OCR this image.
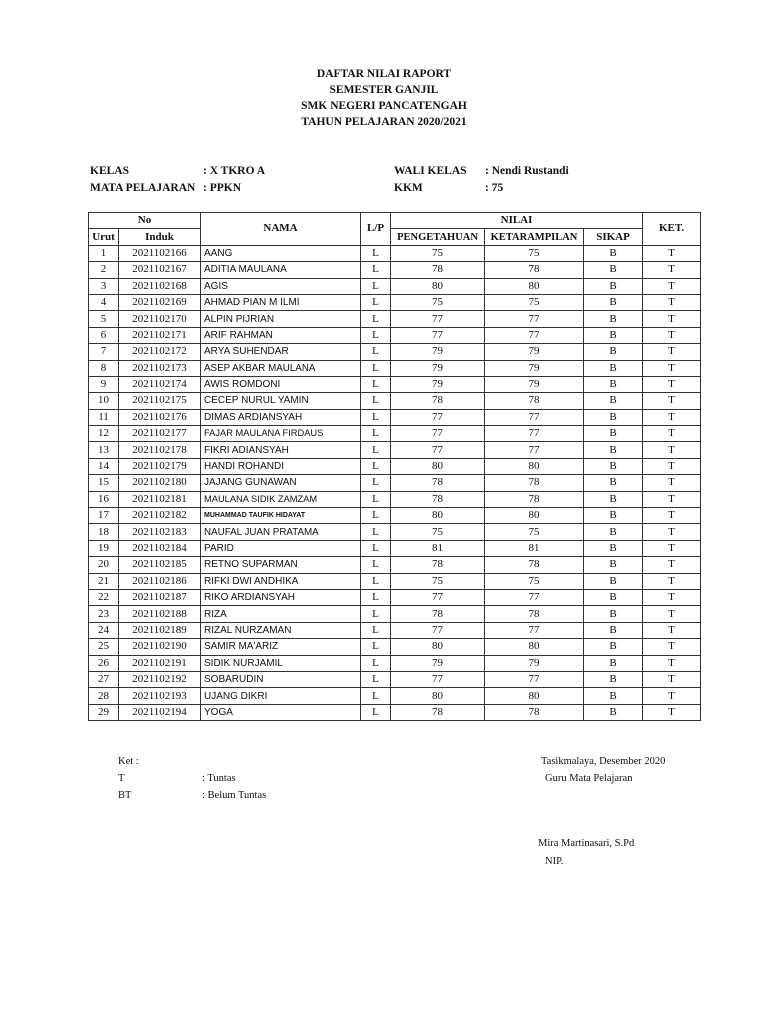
DAFTAR NILAI RAPORT
SEMESTER GANJIL
SMK NEGERI PANCATENGAH
TAHUN PELAJARAN 2020/2021
KELAS	: X TKRO A
MATA PELAJARAN : PPKN
WALI KELAS : Nendi Rustandi
KKM	: 75
No		NAMA	L/P	NILAI			KET.
Urut	Induk			PENGETAHUAN	KETARAMPILAN	SIKAP	
1	2021102166	AANG	L	75	75	B	T
2	2021102167	ADITIA MAULANA	L	78	78	B	T
3	2021102168	AGIS	L	80	80	B	T
4	2021102169	AHMAD PIAN M ILMI	L	75	75	B	T
5	2021102170	ALPIN PIJRIAN	L	77	77	B	T
6	2021102171	ARIF RAHMAN	L	77	77	B	T
7	2021102172	ARYA SUHENDAR	L	79	79	B	T
8	2021102173	ASEP AKBAR MAULANA	L	79	79	B	T
9	2021102174	AWIS ROMDONI	L	79	79	B	T
10	2021102175	CECEP NURUL YAMIN	L	78	78	B	T
11	2021102176	DIMAS ARDIANSYAH	L	77	77	B	T
12	2021102177	FAJAR MAULANA FIRDAUS	L	77	77	B	T
13	2021102178	FIKRI ADIANSYAH	L	77	77	B	T
14	2021102179	HANDI ROHANDI	L	80	80	B	T
15	2021102180	JAJANG GUNAWAN	L	78	78	B	T
16	2021102181	MAULANA SIDIK ZAMZAM	L	78	78	B	T
17	2021102182	MUHAMMAD TAUFIK HIDAYAT	L	80	80	B	T
18	2021102183	NAUFAL JUAN PRATAMA	L	75	75	B	T
19	2021102184	PARID	L	81	81	B	T
20	2021102185	RETNO SUPARMAN	L	78	78	B	T
21	2021102186	RIFKI DWI ANDHIKA	L	75	75	B	T
22	2021102187	RIKO ARDIANSYAH	L	77	77	B	T
23	2021102188	RIZA	L	78	78	B	T
24	2021102189	RIZAL NURZAMAN	L	77	77	B	T
25	2021102190	SAMIR MA'ARIZ	L	80	80	B	T
26	2021102191	SIDIK NURJAMIL	L	79	79	B	T
27	2021102192	SOBARUDIN	L	77	77	B	T
28	2021102193	UJANG DIKRI	L	80	80	B	T
29	2021102194	YOGA	L	78	78	B	T
Ket :
T	: Tuntas
BT	: Belum Tuntas
Tasikmalaya, Desember 2020
Guru Mata Pelajaran
Mira Martinasari, S.Pd
NIP.
